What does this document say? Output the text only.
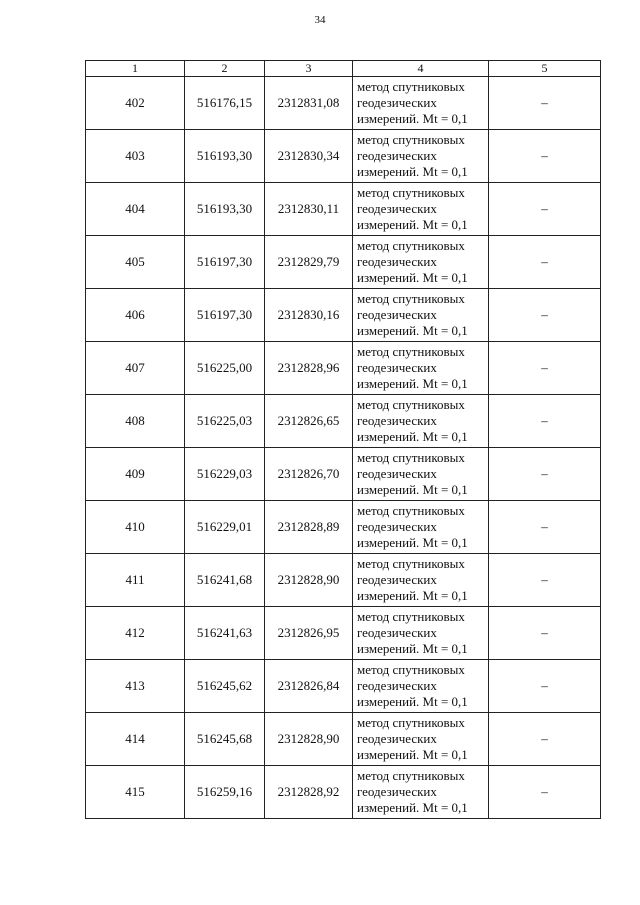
34
1	2	3	4	5
402	516176,15	2312831,08	метод спутниковых
геодезических
измерений. Mt = 0,1	–
403	516193,30	2312830,34	метод спутниковых
геодезических
измерений. Mt = 0,1	–
404	516193,30	2312830,11	метод спутниковых
геодезических
измерений. Mt = 0,1	–
405	516197,30	2312829,79	метод спутниковых
геодезических
измерений. Mt = 0,1	–
406	516197,30	2312830,16	метод спутниковых
геодезических
измерений. Mt = 0,1	–
407	516225,00	2312828,96	метод спутниковых
геодезических
измерений. Mt = 0,1	–
408	516225,03	2312826,65	метод спутниковых
геодезических
измерений. Mt = 0,1	–
409	516229,03	2312826,70	метод спутниковых
геодезических
измерений. Mt = 0,1	–
410	516229,01	2312828,89	метод спутниковых
геодезических
измерений. Mt = 0,1	–
411	516241,68	2312828,90	метод спутниковых
геодезических
измерений. Mt = 0,1	–
412	516241,63	2312826,95	метод спутниковых
геодезических
измерений. Mt = 0,1	–
413	516245,62	2312826,84	метод спутниковых
геодезических
измерений. Mt = 0,1	–
414	516245,68	2312828,90	метод спутниковых
геодезических
измерений. Mt = 0,1	–
415	516259,16	2312828,92	метод спутниковых
геодезических
измерений. Mt = 0,1	–
